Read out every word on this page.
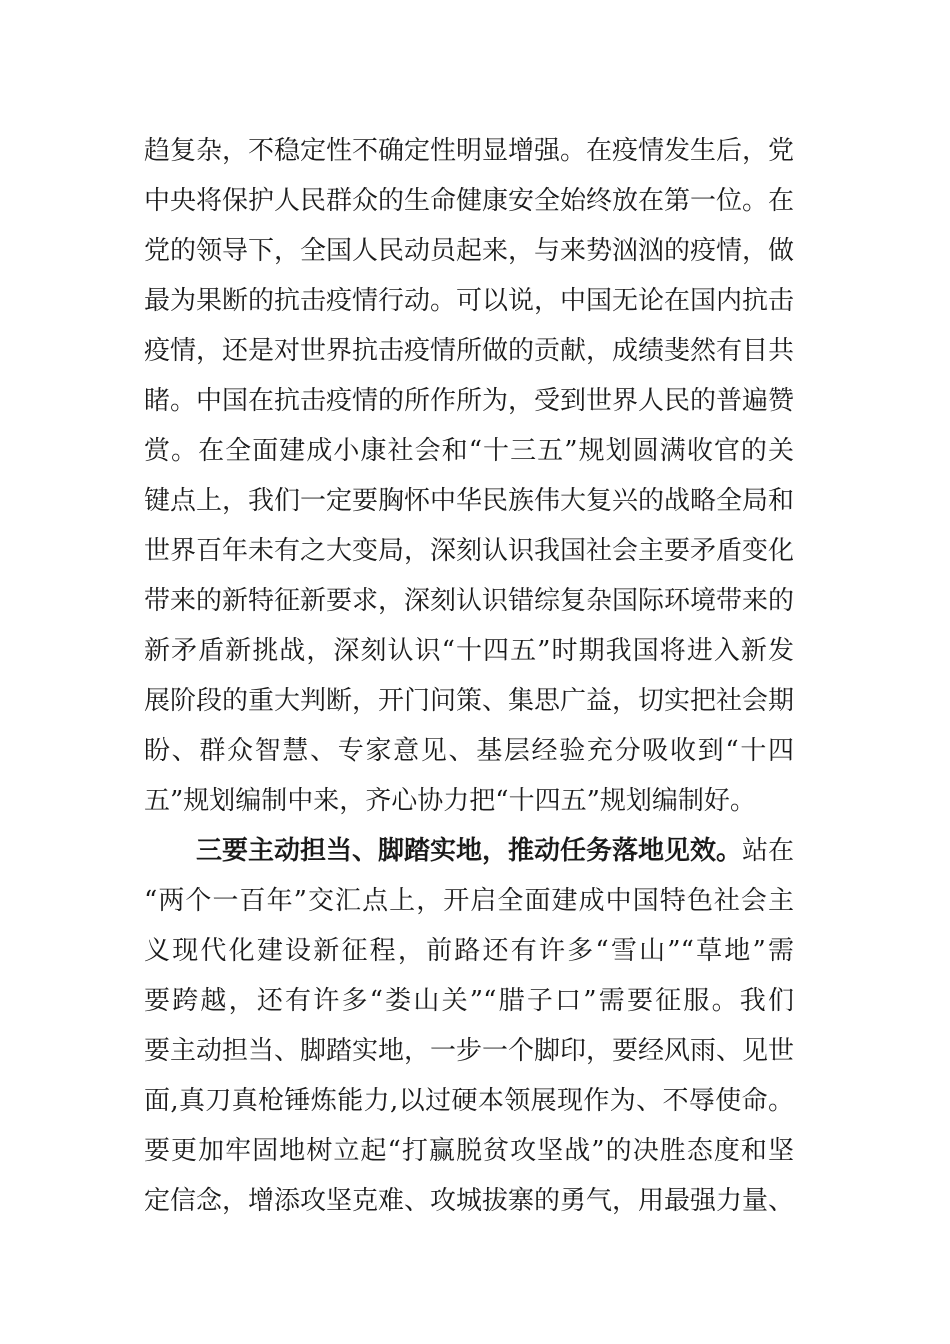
趋复杂，不稳定性不确定性明显增强。在疫情发生后，党
中央将保护人民群众的生命健康安全始终放在第一位。在
党的领导下，全国人民动员起来，与来势汹汹的疫情，做
最为果断的抗击疫情行动。可以说，中国无论在国内抗击
疫情，还是对世界抗击疫情所做的贡献，成绩斐然有目共
睹。中国在抗击疫情的所作所为，受到世界人民的普遍赞
赏。在全面建成小康社会和“十三五”规划圆满收官的关
键点上，我们一定要胸怀中华民族伟大复兴的战略全局和
世界百年未有之大变局，深刻认识我国社会主要矛盾变化
带来的新特征新要求，深刻认识错综复杂国际环境带来的
新矛盾新挑战，深刻认识“十四五”时期我国将进入新发
展阶段的重大判断，开门问策、集思广益，切实把社会期
盼、群众智慧、专家意见、基层经验充分吸收到“十四
五”规划编制中来，齐心协力把“十四五”规划编制好。
三要主动担当、脚踏实地，推动任务落地见效。站在
“两个一百年”交汇点上，开启全面建成中国特色社会主
义现代化建设新征程，前路还有许多“雪山”“草地”需
要跨越，还有许多“娄山关”“腊子口”需要征服。我们
要主动担当、脚踏实地，一步一个脚印，要经风雨、见世
面,真刀真枪锤炼能力,以过硬本领展现作为、不辱使命。
要更加牢固地树立起“打赢脱贫攻坚战”的决胜态度和坚
定信念，增添攻坚克难、攻城拔寨的勇气，用最强力量、
